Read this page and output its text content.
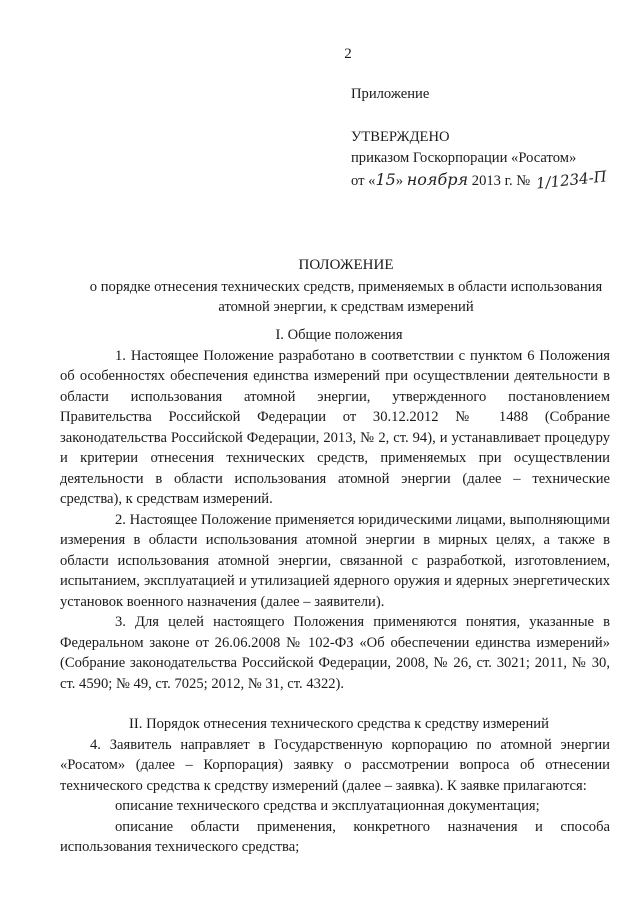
2
Приложение
УТВЕРЖДЕНО
приказом Госкорпорации «Росатом»
от «15» ноября 2013 г. № 1/1234-П
ПОЛОЖЕНИЕ
о порядке отнесения технических средств, применяемых в области использования
атомной энергии, к средствам измерений

I. Общие положения

1. Настоящее Положение разработано в соответствии с пунктом 6 Положения об особенностях обеспечения единства измерений при осуществлении деятельности в области использования атомной энергии, утвержденного постановлением Правительства Российской Федерации от 30.12.2012 № 1488 (Собрание законодательства Российской Федерации, 2013, № 2, ст. 94), и устанавливает процедуру и критерии отнесения технических средств, применяемых при осуществлении деятельности в области использования атомной энергии (далее – технические средства), к средствам измерений.

2. Настоящее Положение применяется юридическими лицами, выполняющими измерения в области использования атомной энергии в мирных целях, а также в области использования атомной энергии, связанной с разработкой, изготовлением, испытанием, эксплуатацией и утилизацией ядерного оружия и ядерных энергетических установок военного назначения (далее – заявители).

3. Для целей настоящего Положения применяются понятия, указанные в Федеральном законе от 26.06.2008 № 102-ФЗ «Об обеспечении единства измерений» (Собрание законодательства Российской Федерации, 2008, № 26, ст. 3021; 2011, № 30, ст. 4590; № 49, ст. 7025; 2012, № 31, ст. 4322).

II. Порядок отнесения технического средства к средству измерений

4. Заявитель направляет в Государственную корпорацию по атомной энергии «Росатом» (далее – Корпорация) заявку о рассмотрении вопроса об отнесении технического средства к средству измерений (далее – заявка). К заявке прилагаются:

описание технического средства и эксплуатационная документация;

описание области применения, конкретного назначения и способа использования технического средства;
